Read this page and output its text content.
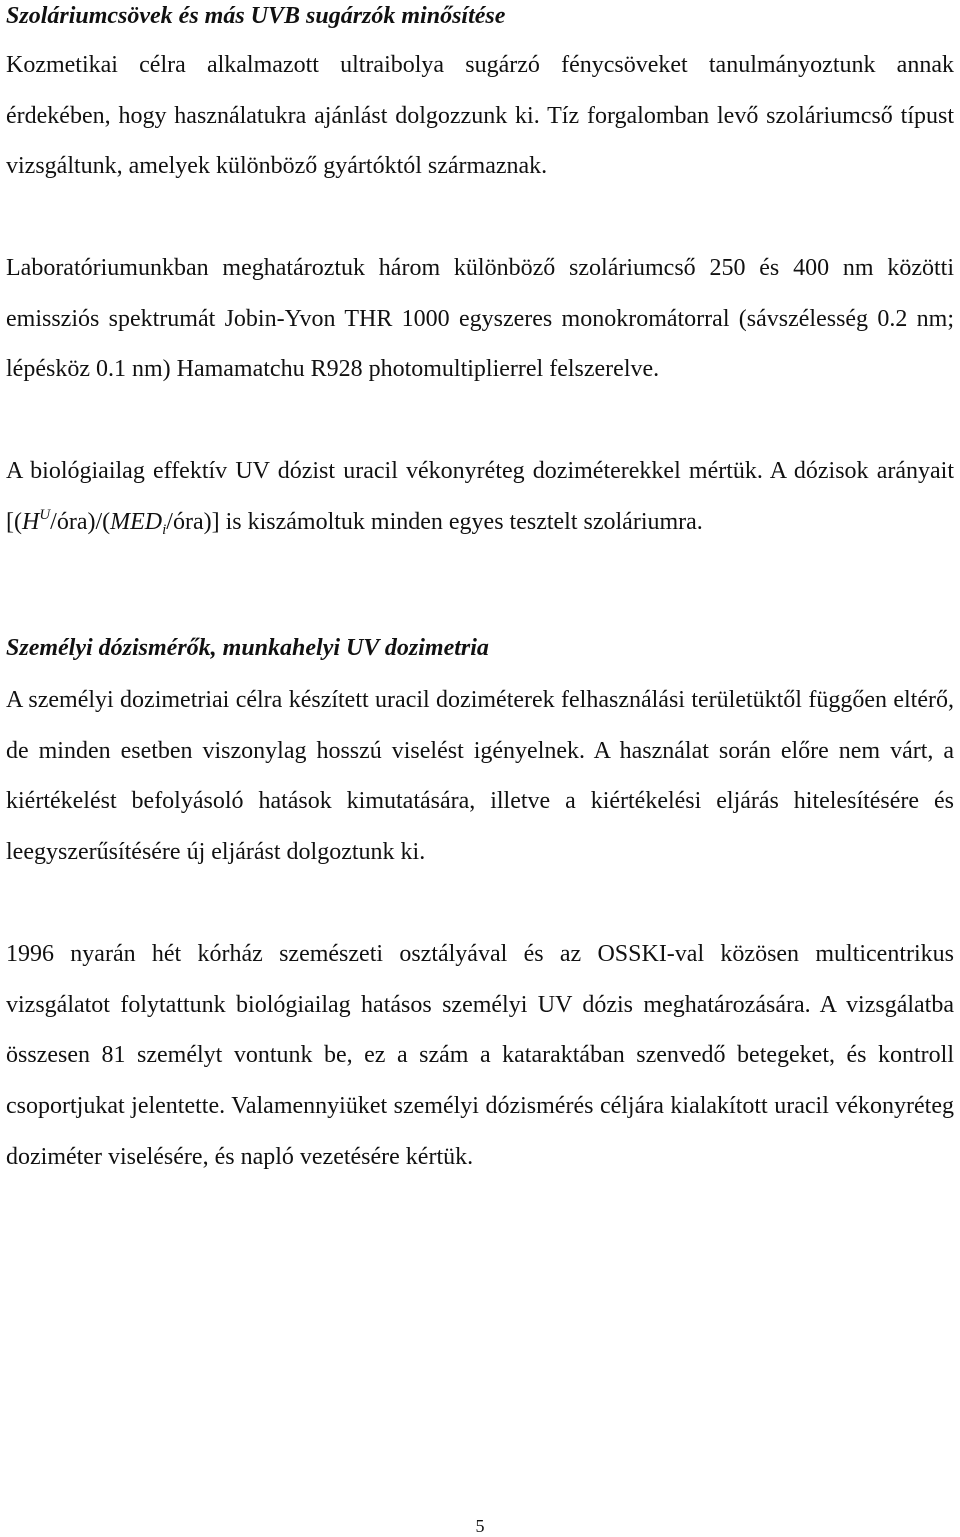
Szoláriumcsövek és más UVB sugárzók minősítése

Kozmetikai célra alkalmazott ultraibolya sugárzó fénycsöveket tanulmányoztunk annak érdekében, hogy használatukra ajánlást dolgozzunk ki. Tíz forgalomban levő szoláriumcső típust vizsgáltunk, amelyek különböző gyártóktól származnak.

Laboratóriumunkban meghatároztuk három különböző szoláriumcső 250 és 400 nm közötti emissziós spektrumát Jobin-Yvon THR 1000 egyszeres monokromátorral (sávszélesség 0.2 nm; lépésköz 0.1 nm) Hamamatchu R928 photomultiplierrel felszerelve.

A biológiailag effektív UV dózist uracil vékonyréteg doziméterekkel mértük. A dózisok arányait $[(H^U/óra)/(MED_i/óra)]$ is kiszámoltuk minden egyes tesztelt szoláriumra.

Személyi dózismérők, munkahelyi UV dozimetria

A személyi dozimetriai célra készített uracil doziméterek felhasználási területüktől függően eltérő, de minden esetben viszonylag hosszú viselést igényelnek. A használat során előre nem várt, a kiértékelést befolyásoló hatások kimutatására, illetve a kiértékelési eljárás hitelesítésére és leegyszerűsítésére új eljárást dolgoztunk ki.

1996 nyarán hét kórház szemészeti osztályával és az OSSKI-val közösen multicentrikus vizsgálatot folytattunk biológiailag hatásos személyi UV dózis meghatározására. A vizsgálatba összesen 81 személyt vontunk be, ez a szám a kataraktában szenvedő betegeket, és kontroll csoportjukat jelentette. Valamennyiüket személyi dózismérés céljára kialakított uracil vékonyréteg doziméter viselésére, és napló vezetésére kértük.

5
